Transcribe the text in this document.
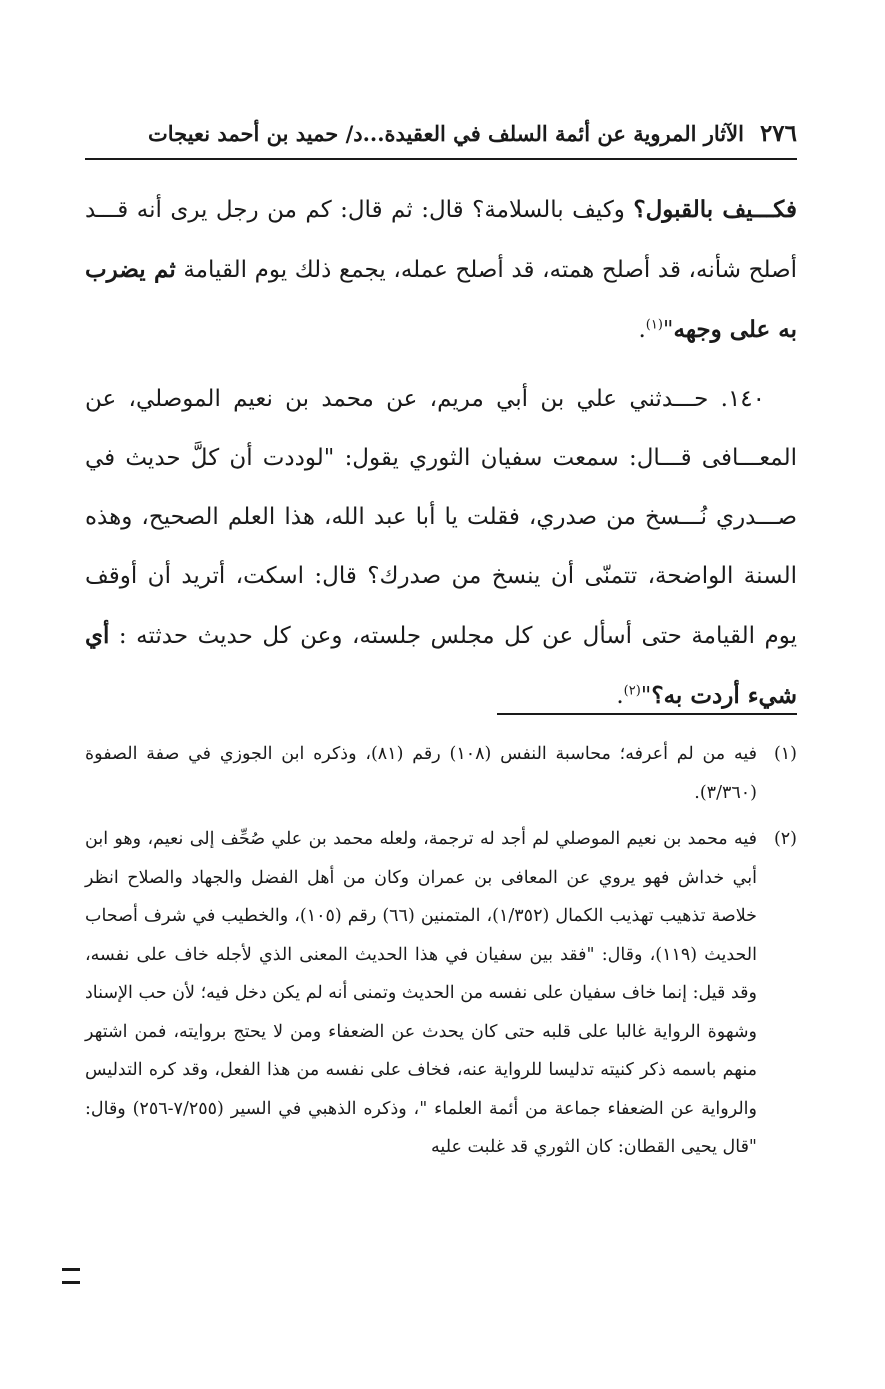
٢٧٦
الآثار المروية عن أئمة السلف في العقيدة...د/ حميد بن أحمد نعيجات

فكـــيف بالقبول؟ وكيف بالسلامة؟ قال: ثم قال: كم من رجل يرى أنه قـــد أصلح شأنه، قد أصلح همته، قد أصلح عمله، يجمع ذلك يوم القيامة ثم يضرب به على وجهه"$^{(١)}$.

١٤٠. حـــدثني علي بن أبي مريم، عن محمد بن نعيم الموصلي، عن المعـــافى قـــال: سمعت سفيان الثوري يقول: "لوددت أن كلَّ حديث في صـــدري نُـــسخ من صدري، فقلت يا أبا عبد الله، هذا العلم الصحيح، وهذه السنة الواضحة، تتمنّى أن ينسخ من صدرك؟ قال: اسكت، أتريد أن أوقف يوم القيامة حتى أسأل عن كل مجلس جلسته، وعن كل حديث حدثته : أي شيء أردت به؟"$^{(٢)}$.

(١)
فيه من لم أعرفه؛ محاسبة النفس (١٠٨) رقم (٨١)، وذكره ابن الجوزي في صفة الصفوة (٣/٣٦٠).

(٢)
فيه محمد بن نعيم الموصلي لم أجد له ترجمة، ولعله محمد بن علي صُحِّف إلى نعيم، وهو ابن أبي خداش فهو يروي عن المعافى بن عمران وكان من أهل الفضل والجهاد والصلاح انظر خلاصة تذهيب تهذيب الكمال (١/٣٥٢)، المتمنين (٦٦) رقم (١٠٥)، والخطيب في شرف أصحاب الحديث (١١٩)، وقال: "فقد بين سفيان في هذا الحديث المعنى الذي لأجله خاف على نفسه، وقد قيل: إنما خاف سفيان على نفسه من الحديث وتمنى أنه لم يكن دخل فيه؛ لأن حب الإسناد وشهوة الرواية غالبا على قلبه حتى كان يحدث عن الضعفاء ومن لا يحتج بروايته، فمن اشتهر منهم باسمه ذكر كنيته تدليسا للرواية عنه، فخاف على نفسه من هذا الفعل، وقد كره التدليس والرواية عن الضعفاء جماعة من أئمة العلماء "، وذكره الذهبي في السير (٧/٢٥٥-٢٥٦) وقال: "قال يحيى القطان: كان الثوري قد غلبت عليه
